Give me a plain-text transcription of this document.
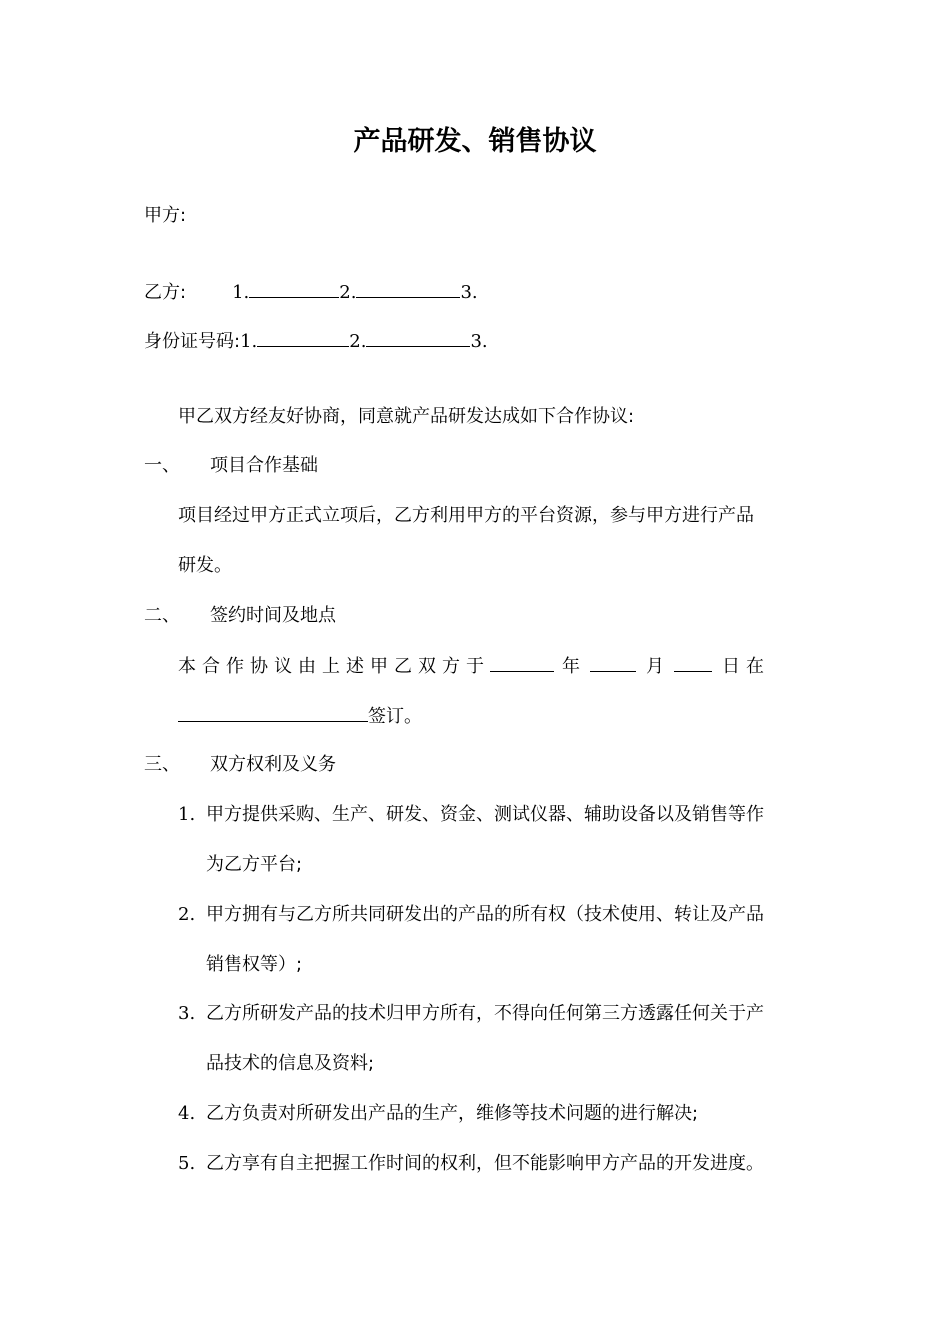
产品研发、销售协议
甲方:
乙方:	1.	2.	3.
身份证号码:1.	2.	3.
甲乙双方经友好协商，同意就产品研发达成如下合作协议:
一、 项目合作基础
项目经过甲方正式立项后，乙方利用甲方的平台资源，参与甲方进行产品
研发。
二、 签约时间及地点
本合作协议由上述甲乙双方于	年	月	日在
签订。
三、 双方权利及义务
1. 甲方提供采购、生产、研发、资金、测试仪器、辅助设备以及销售等作
为乙方平台;
2. 甲方拥有与乙方所共同研发出的产品的所有权（技术使用、转让及产品
销售权等）;
3. 乙方所研发产品的技术归甲方所有，不得向任何第三方透露任何关于产
品技术的信息及资料;
4. 乙方负责对所研发出产品的生产，维修等技术问题的进行解决;
5. 乙方享有自主把握工作时间的权利，但不能影响甲方产品的开发进度。
